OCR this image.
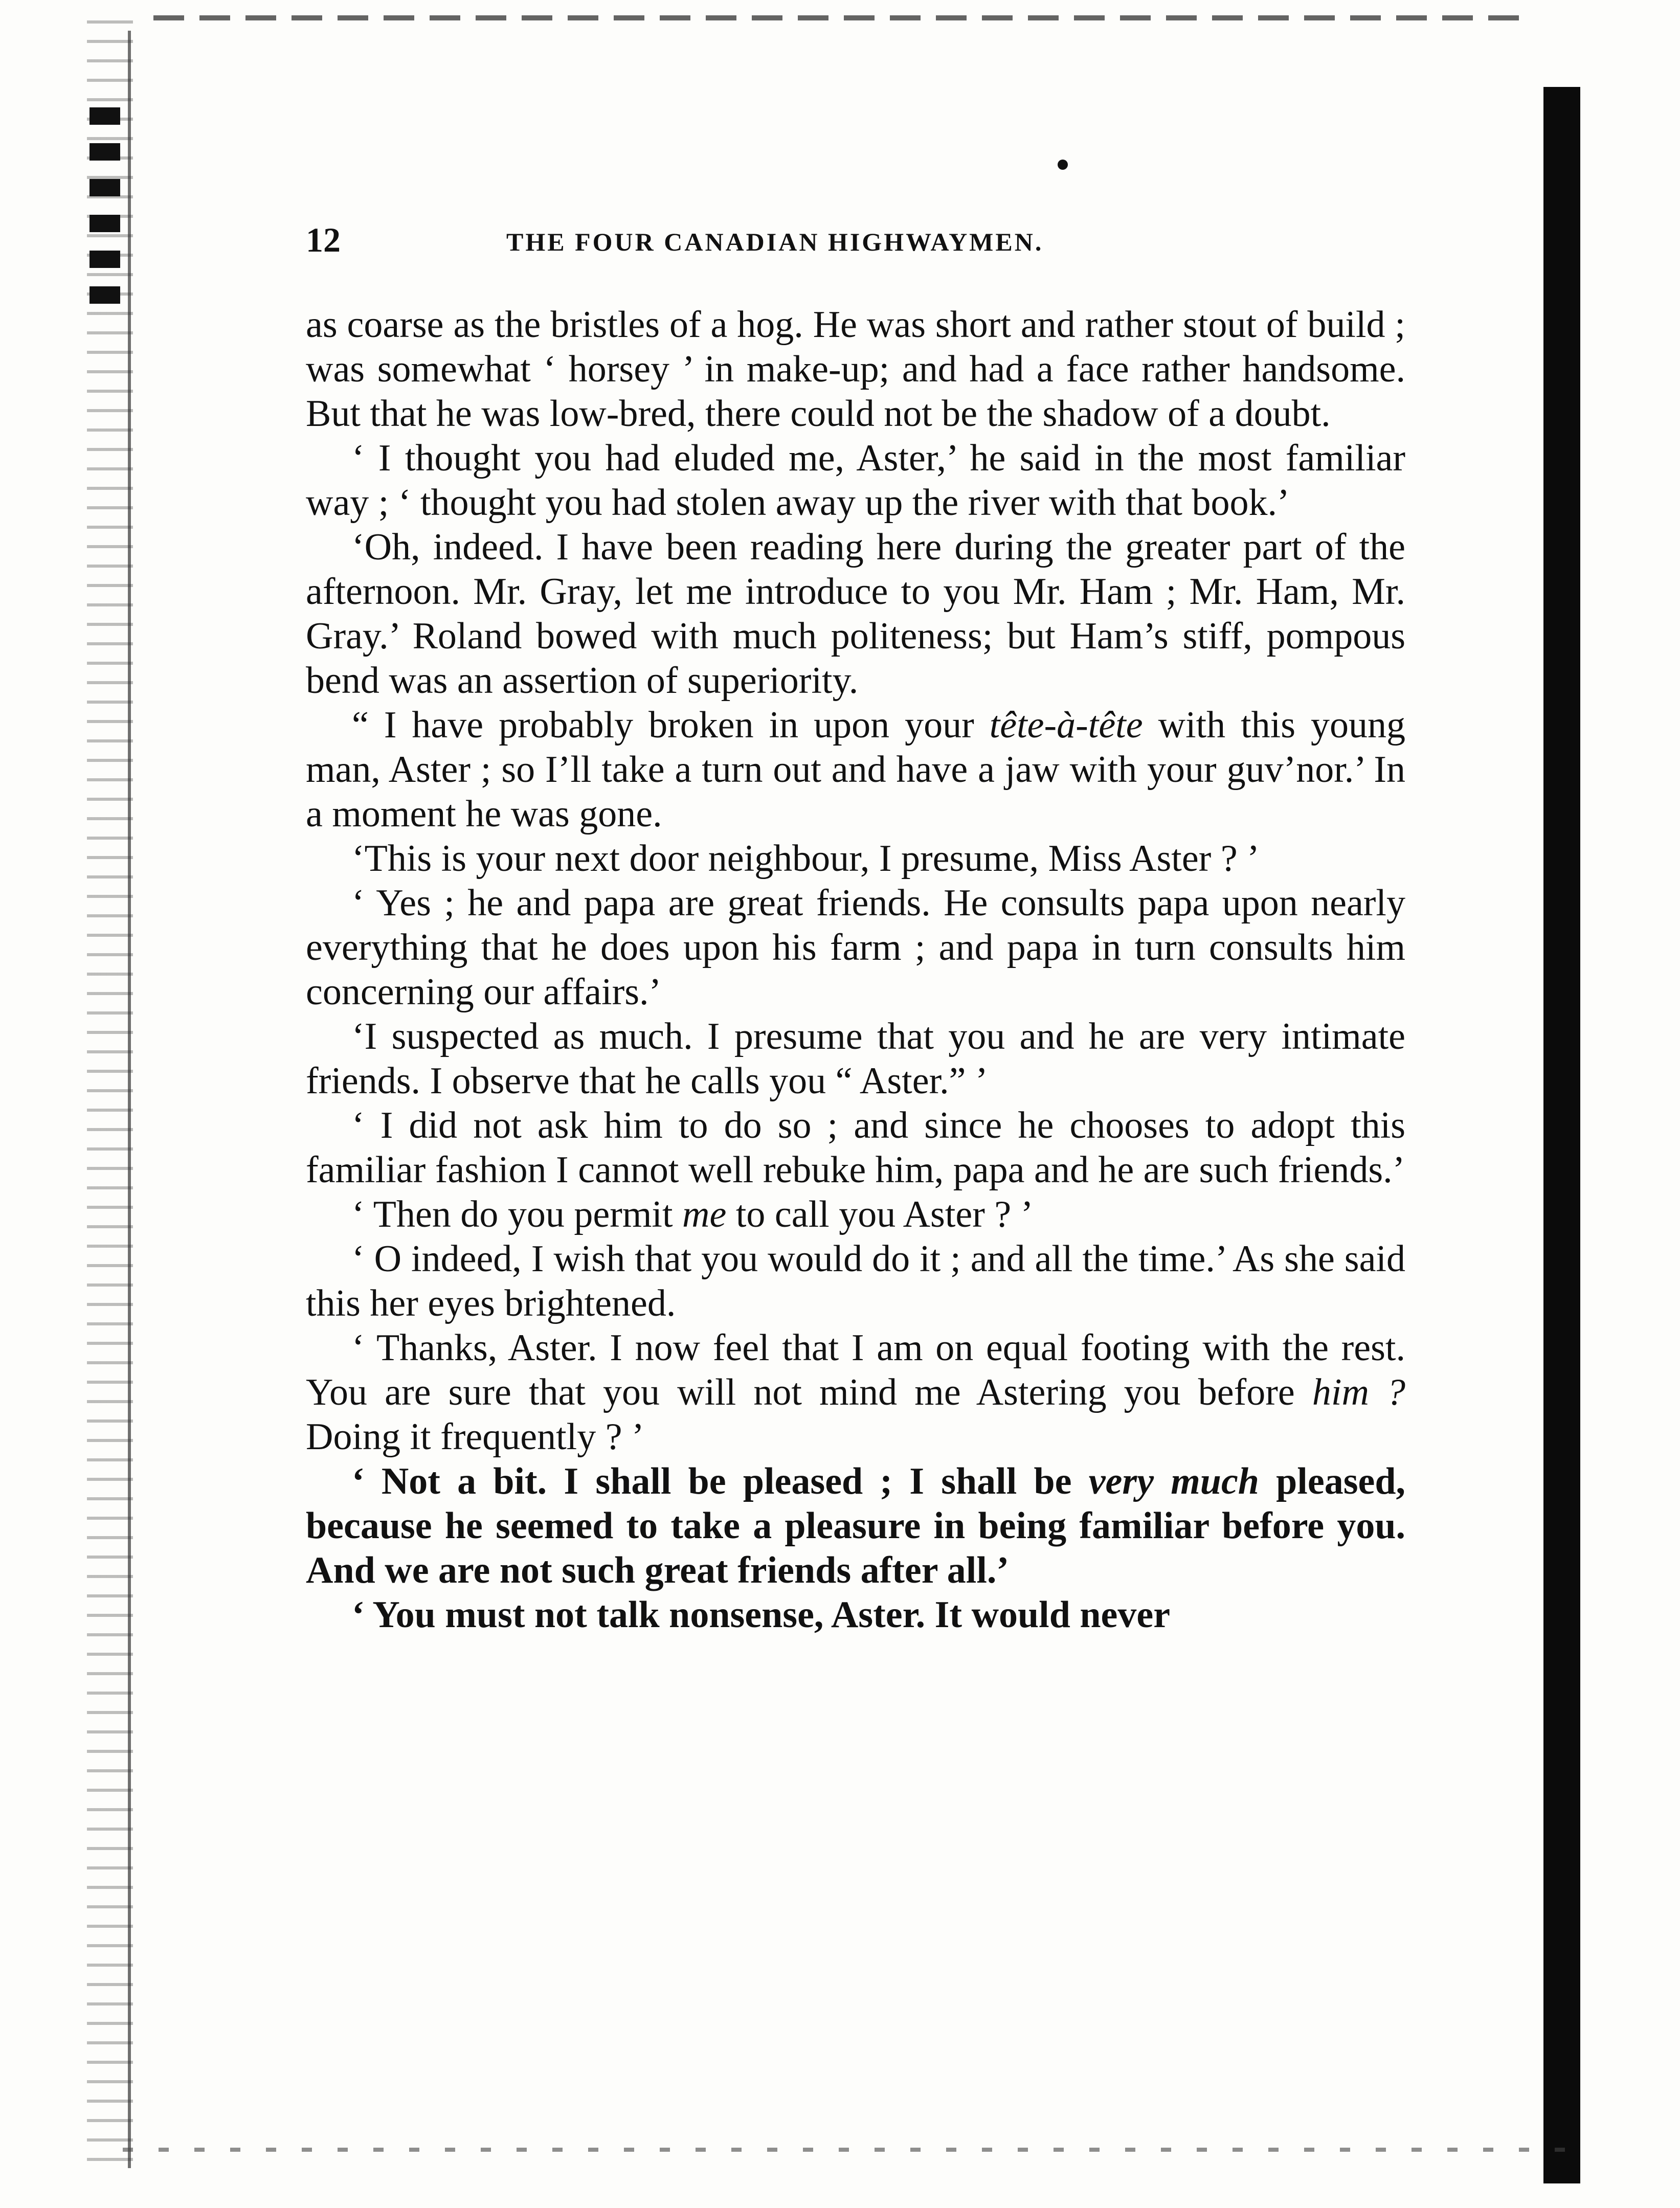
12	THE FOUR CANADIAN HIGHWAYMEN.

as coarse as the bristles of a hog. He was short and rather stout of build ; was somewhat ‘ horsey ’ in make-up; and had a face rather handsome. But that he was low-bred, there could not be the shadow of a doubt.

‘ I thought you had eluded me, Aster,’ he said in the most familiar way ; ‘ thought you had stolen away up the river with that book.’

‘Oh, indeed. I have been reading here during the greater part of the afternoon. Mr. Gray, let me introduce to you Mr. Ham ; Mr. Ham, Mr. Gray.’ Roland bowed with much politeness; but Ham’s stiff, pompous bend was an assertion of superiority.

“ I have probably broken in upon your tête-à-tête with this young man, Aster ; so I’ll take a turn out and have a jaw with your guv’nor.’ In a moment he was gone.

‘This is your next door neighbour, I presume, Miss Aster ? ’

‘ Yes ; he and papa are great friends. He consults papa upon nearly everything that he does upon his farm ; and papa in turn consults him concerning our affairs.’

‘I suspected as much. I presume that you and he are very intimate friends. I observe that he calls you “ Aster.” ’

‘ I did not ask him to do so ; and since he chooses to adopt this familiar fashion I cannot well rebuke him, papa and he are such friends.’

‘ Then do you permit me to call you Aster ? ’

‘ O indeed, I wish that you would do it ; and all the time.’ As she said this her eyes brightened.

‘ Thanks, Aster. I now feel that I am on equal footing with the rest. You are sure that you will not mind me Astering you before him ? Doing it frequently ? ’

‘ Not a bit. I shall be pleased ; I shall be very much pleased, because he seemed to take a pleasure in being familiar before you. And we are not such great friends after all.’

‘ You must not talk nonsense, Aster. It would never
